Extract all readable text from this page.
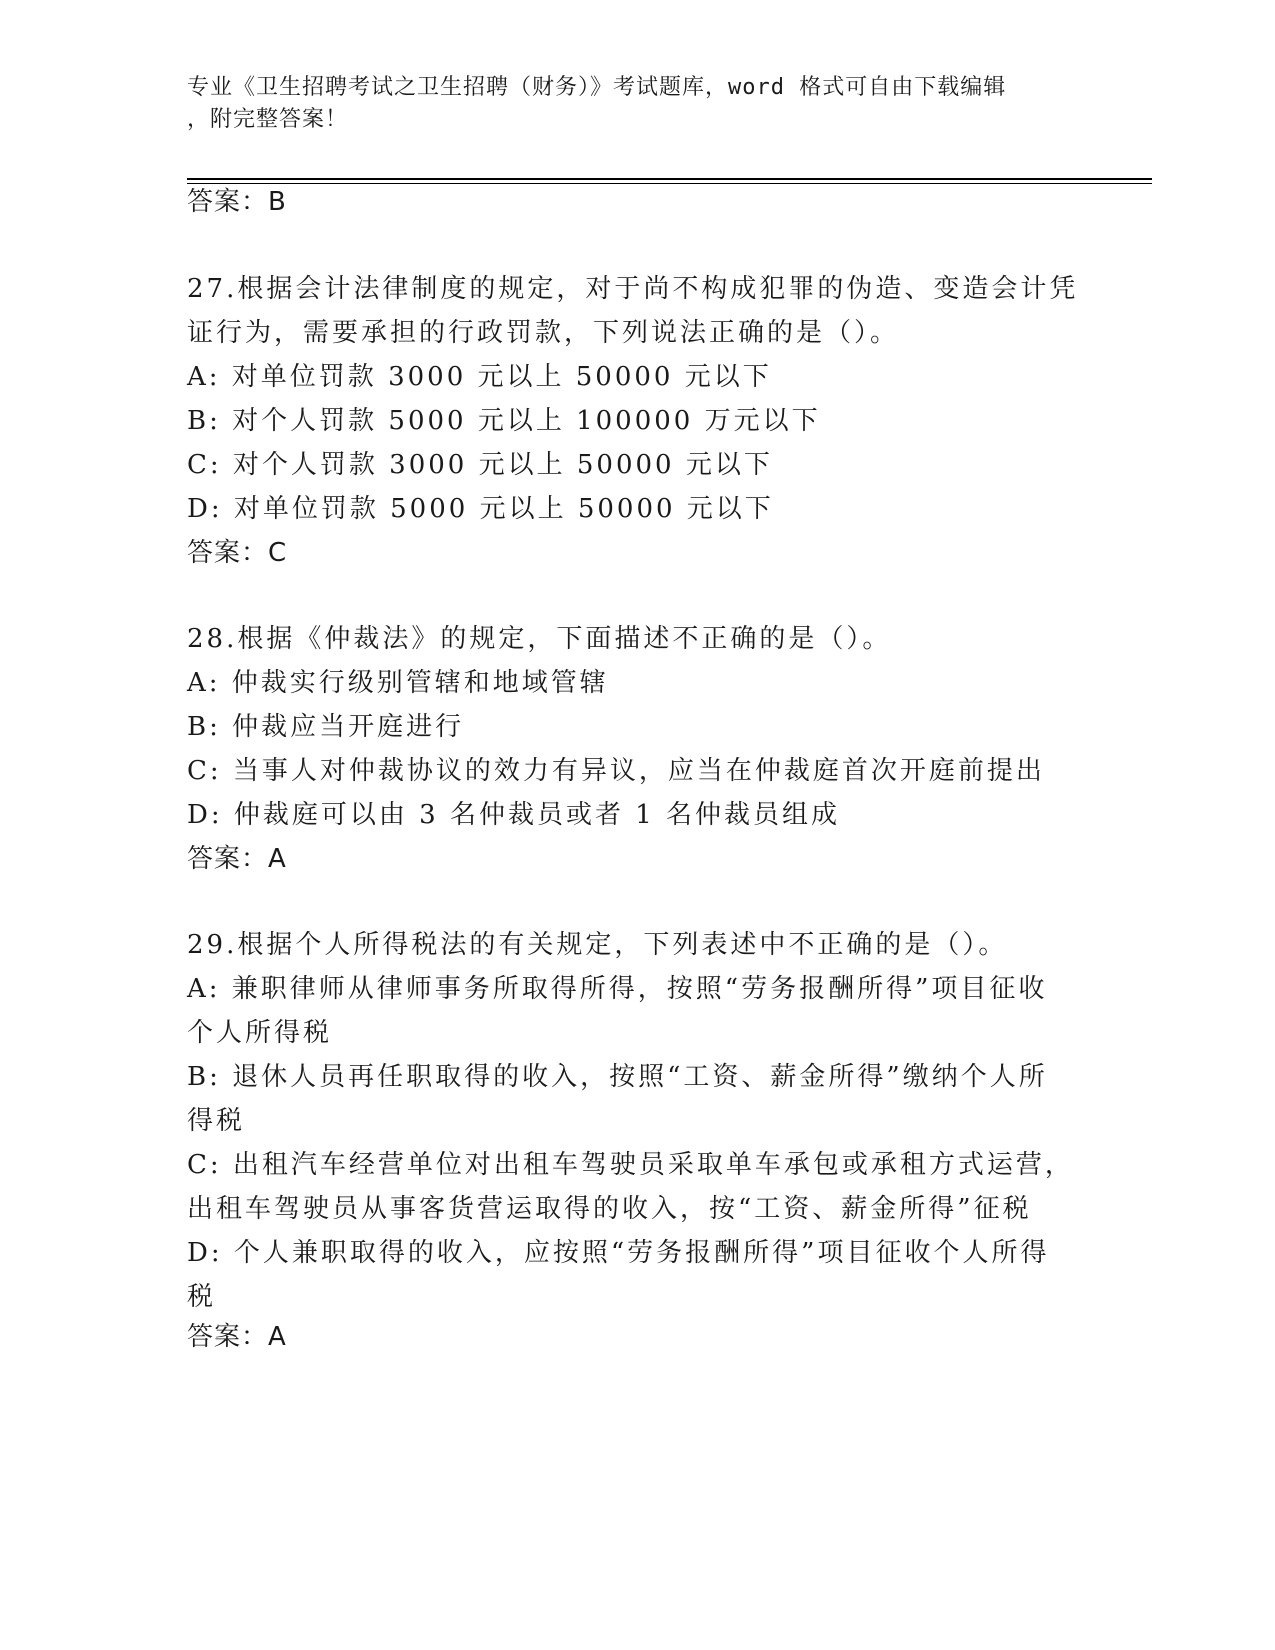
专业《卫生招聘考试之卫生招聘（财务）》考试题库，word 格式可自由下载编辑
，附完整答案！
答案：B
27.根据会计法律制度的规定，对于尚不构成犯罪的伪造、变造会计凭
证行为，需要承担的行政罚款，下列说法正确的是（）。
A: 对单位罚款 3000 元以上 50000 元以下
B: 对个人罚款 5000 元以上 100000 万元以下
C: 对个人罚款 3000 元以上 50000 元以下
D: 对单位罚款 5000 元以上 50000 元以下
答案：C
28.根据《仲裁法》的规定，下面描述不正确的是（）。
A: 仲裁实行级别管辖和地域管辖
B: 仲裁应当开庭进行
C: 当事人对仲裁协议的效力有异议，应当在仲裁庭首次开庭前提出
D: 仲裁庭可以由 3 名仲裁员或者 1 名仲裁员组成
答案：A
29.根据个人所得税法的有关规定，下列表述中不正确的是（）。
A: 兼职律师从律师事务所取得所得，按照“劳务报酬所得”项目征收
个人所得税
B: 退休人员再任职取得的收入，按照“工资、薪金所得”缴纳个人所
得税
C: 出租汽车经营单位对出租车驾驶员采取单车承包或承租方式运营，
出租车驾驶员从事客货营运取得的收入，按“工资、薪金所得”征税
D: 个人兼职取得的收入，应按照“劳务报酬所得”项目征收个人所得
税
答案：A
